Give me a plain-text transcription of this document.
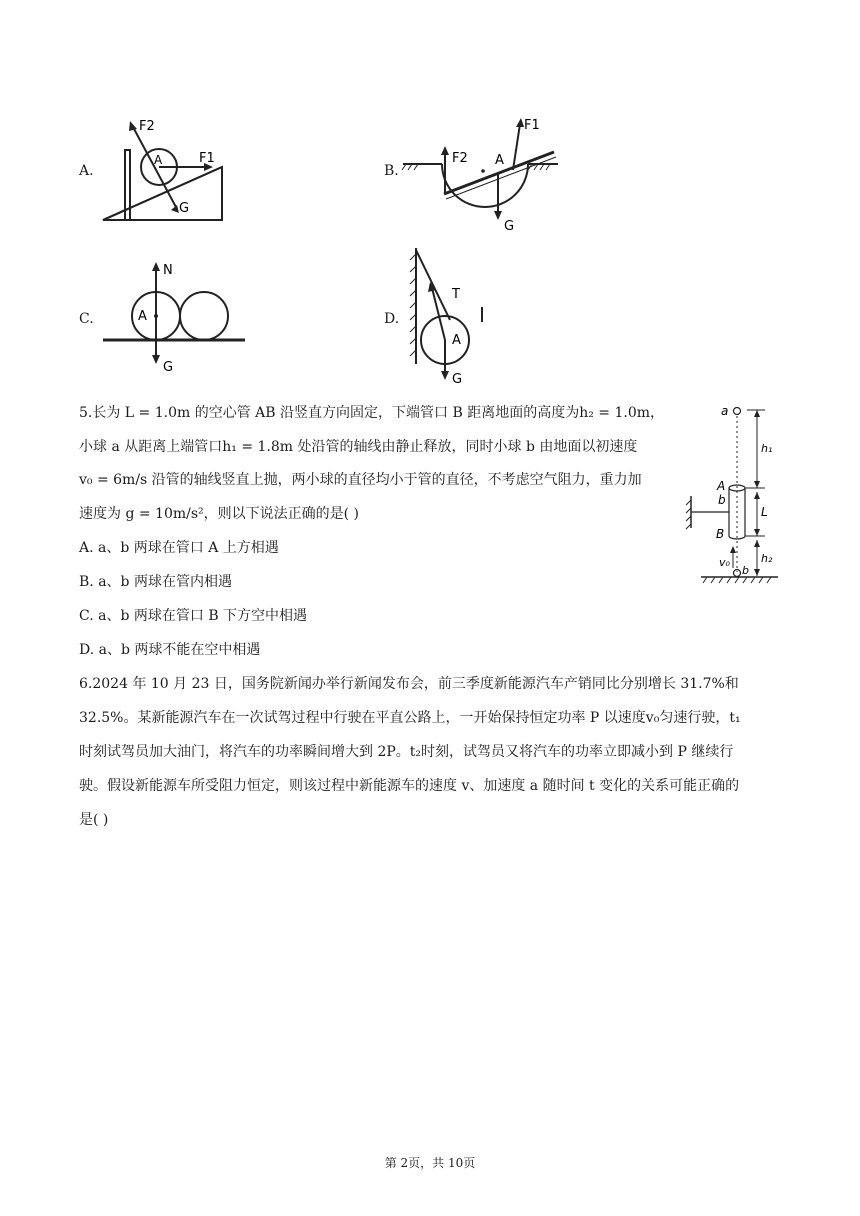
A.
F2
A	F1
G
B.
F2 A
F1
G
C.
N
A
G
D.
T
A
G
5.长为 L = 1.0m 的空心管 AB 沿竖直方向固定，下端管口 B 距离地面的高度为h₂ = 1.0m，
小球 a 从距离上端管口h₁ = 1.8m 处沿管的轴线由静止释放，同时小球 b 由地面以初速度
v₀ = 6m/s 沿管的轴线竖直上抛，两小球的直径均小于管的直径，不考虑空气阻力，重力加
速度为 g = 10m/s²，则以下说法正确的是( )
A. a、b 两球在管口 A 上方相遇
B. a、b 两球在管内相遇
C. a、b 两球在管口 B 下方空中相遇
D. a、b 两球不能在空中相遇
a
h₁
A
b
L
B
v₀
b
h₂
6.2024 年 10 月 23 日，国务院新闻办举行新闻发布会，前三季度新能源汽车产销同比分别增长 31.7%和
32.5%。某新能源汽车在一次试驾过程中行驶在平直公路上，一开始保持恒定功率 P 以速度v₀匀速行驶，t₁
时刻试驾员加大油门，将汽车的功率瞬间增大到 2P。t₂时刻，试驾员又将汽车的功率立即减小到 P 继续行
驶。假设新能源车所受阻力恒定，则该过程中新能源车的速度 v、加速度 a 随时间 t 变化的关系可能正确的
是( )
第 2页，共 10页
